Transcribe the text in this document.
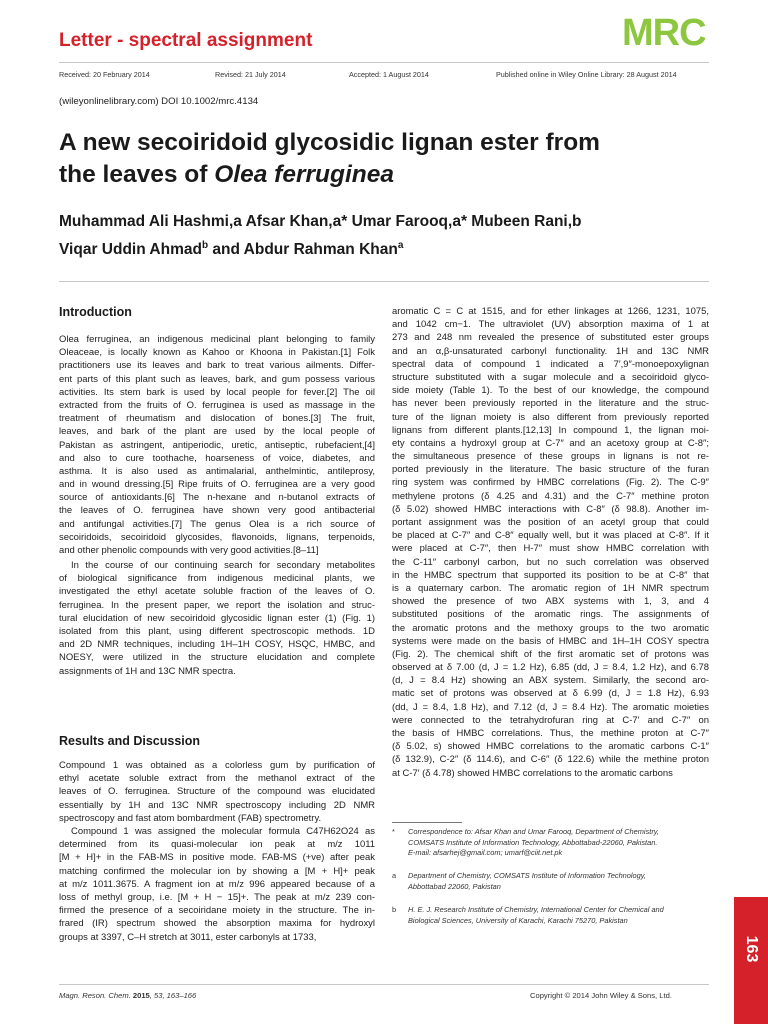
Letter - spectral assignment	MRC
Received: 20 February 2014	Revised: 21 July 2014	Accepted: 1 August 2014	Published online in Wiley Online Library: 28 August 2014
(wileyonlinelibrary.com) DOI 10.1002/mrc.4134
A new secoiridoid glycosidic lignan ester from
the leaves of Olea ferruginea
Muhammad Ali Hashmi,a Afsar Khan,a* Umar Farooq,a* Mubeen Rani,b
Viqar Uddin Ahmad$^b$ and Abdur Rahman Khan$^a$
Introduction
Olea ferruginea, an indigenous medicinal plant belonging to family
Oleaceae, is locally known as Kahoo or Khoona in Pakistan.[1] Folk
practitioners use its leaves and bark to treat various ailments. Differ-
ent parts of this plant such as leaves, bark, and gum possess various
activities. Its stem bark is used by local people for fever.[2] The oil
extracted from the fruits of O. ferruginea is used as massage in the
treatment of rheumatism and dislocation of bones.[3] The fruit,
leaves, and bark of the plant are used by the local people of
Pakistan as astringent, antiperiodic, uretic, antiseptic, rubefacient,[4]
and also to cure toothache, hoarseness of voice, diabetes, and
asthma. It is also used as antimalarial, anthelmintic, antileprosy,
and in wound dressing.[5] Ripe fruits of O. ferruginea are a very good
source of antioxidants.[6] The n-hexane and n-butanol extracts of
the leaves of O. ferruginea have shown very good antibacterial
and antifungal activities.[7] The genus Olea is a rich source of
secoiridoids, secoiridoid glycosides, flavonoids, lignans, terpenoids,
and other phenolic compounds with very good activities.[8–11]
In the course of our continuing search for secondary metabolites
of biological significance from indigenous medicinal plants, we
investigated the ethyl acetate soluble fraction of the leaves of O.
ferruginea. In the present paper, we report the isolation and struc-
tural elucidation of new secoiridoid glycosidic lignan ester (1) (Fig. 1)
isolated from this plant, using different spectroscopic methods. 1D
and 2D NMR techniques, including 1H–1H COSY, HSQC, HMBC, and
NOESY, were utilized in the structure elucidation and complete
assignments of 1H and 13C NMR spectra.
Compound 1 was obtained as a colorless gum by purification of
ethyl acetate soluble extract from the methanol extract of the
leaves of O. ferruginea. Structure of the compound was elucidated
essentially by 1H and 13C NMR spectroscopy including 2D NMR
spectroscopy and fast atom bombardment (FAB) spectrometry.
Compound 1 was assigned the molecular formula C47H62O24 as
determined from its quasi-molecular ion peak at m/z 1011
[M + H]+ in the FAB-MS in positive mode. FAB-MS (+ve) after peak
matching confirmed the molecular ion by showing a [M + H]+ peak
at m/z 1011.3675. A fragment ion at m/z 996 appeared because of a
loss of methyl group, i.e. [M + H − 15]+. The peak at m/z 239 con-
firmed the presence of a secoiridane moiety in the structure. The in-
frared (IR) spectrum showed the absorption maxima for hydroxyl
groups at 3397, C–H stretch at 3011, ester carbonyls at 1733,
Results and Discussion
aromatic C = C at 1515, and for ether linkages at 1266, 1231, 1075,
and 1042 cm−1. The ultraviolet (UV) absorption maxima of 1 at
273 and 248 nm revealed the presence of substituted ester groups
and an α,β-unsaturated carbonyl functionality. 1H and 13C NMR
spectral data of compound 1 indicated a 7′,9″-monoepoxylignan
structure substituted with a sugar molecule and a secoiridoid glyco-
side moiety (Table 1). To the best of our knowledge, the compound
has never been previously reported in the literature and the struc-
ture of the lignan moiety is also different from previously reported
lignans from different plants.[12,13] In compound 1, the lignan moi-
ety contains a hydroxyl group at C-7″ and an acetoxy group at C-8″;
the simultaneous presence of these groups in lignans is not re-
ported previously in the literature. The basic structure of the furan
ring system was confirmed by HMBC correlations (Fig. 2). The C-9″
methylene protons (δ 4.25 and 4.31) and the C-7″ methine proton
(δ 5.02) showed HMBC interactions with C-8″ (δ 98.8). Another im-
portant assignment was the position of an acetyl group that could
be placed at C-7″ and C-8″ equally well, but it was placed at C-8″. If it
were placed at C-7″, then H-7″ must show HMBC correlation with
the C-11″ carbonyl carbon, but no such correlation was observed
in the HMBC spectrum that supported its position to be at C-8″ that
is a quaternary carbon. The aromatic region of 1H NMR spectrum
showed the presence of two ABX systems with 1, 3, and 4
substituted positions of the aromatic rings. The assignments of
the aromatic protons and the methoxy groups to the two aromatic
systems were made on the basis of HMBC and 1H–1H COSY spectra
(Fig. 2). The chemical shift of the first aromatic set of protons was
observed at δ 7.00 (d, J = 1.2 Hz), 6.85 (dd, J = 8.4, 1.2 Hz), and 6.78
(d, J = 8.4 Hz) showing an ABX system. Similarly, the second aro-
matic set of protons was observed at δ 6.99 (d, J = 1.8 Hz), 6.93
(dd, J = 8.4, 1.8 Hz), and 7.12 (d, J = 8.4 Hz). The aromatic moieties
were connected to the tetrahydrofuran ring at C-7′ and C-7″ on
the basis of HMBC correlations. Thus, the methine proton at C-7″
(δ 5.02, s) showed HMBC correlations to the aromatic carbons C-1″
(δ 132.9), C-2″ (δ 114.6), and C-6″ (δ 122.6) while the methine proton
at C-7′ (δ 4.78) showed HMBC correlations to the aromatic carbons
* Correspondence to: Afsar Khan and Umar Farooq, Department of Chemistry,
COMSATS Institute of Information Technology, Abbottabad-22060, Pakistan.
E-mail: afsarhej@gmail.com; umarf@ciit.net.pk
a Department of Chemistry, COMSATS Institute of Information Technology,
Abbottabad 22060, Pakistan
b H. E. J. Research Institute of Chemistry, International Center for Chemical and
Biological Sciences, University of Karachi, Karachi 75270, Pakistan
Magn. Reson. Chem. 2015, 53, 163–166	Copyright © 2014 John Wiley & Sons, Ltd.
163
